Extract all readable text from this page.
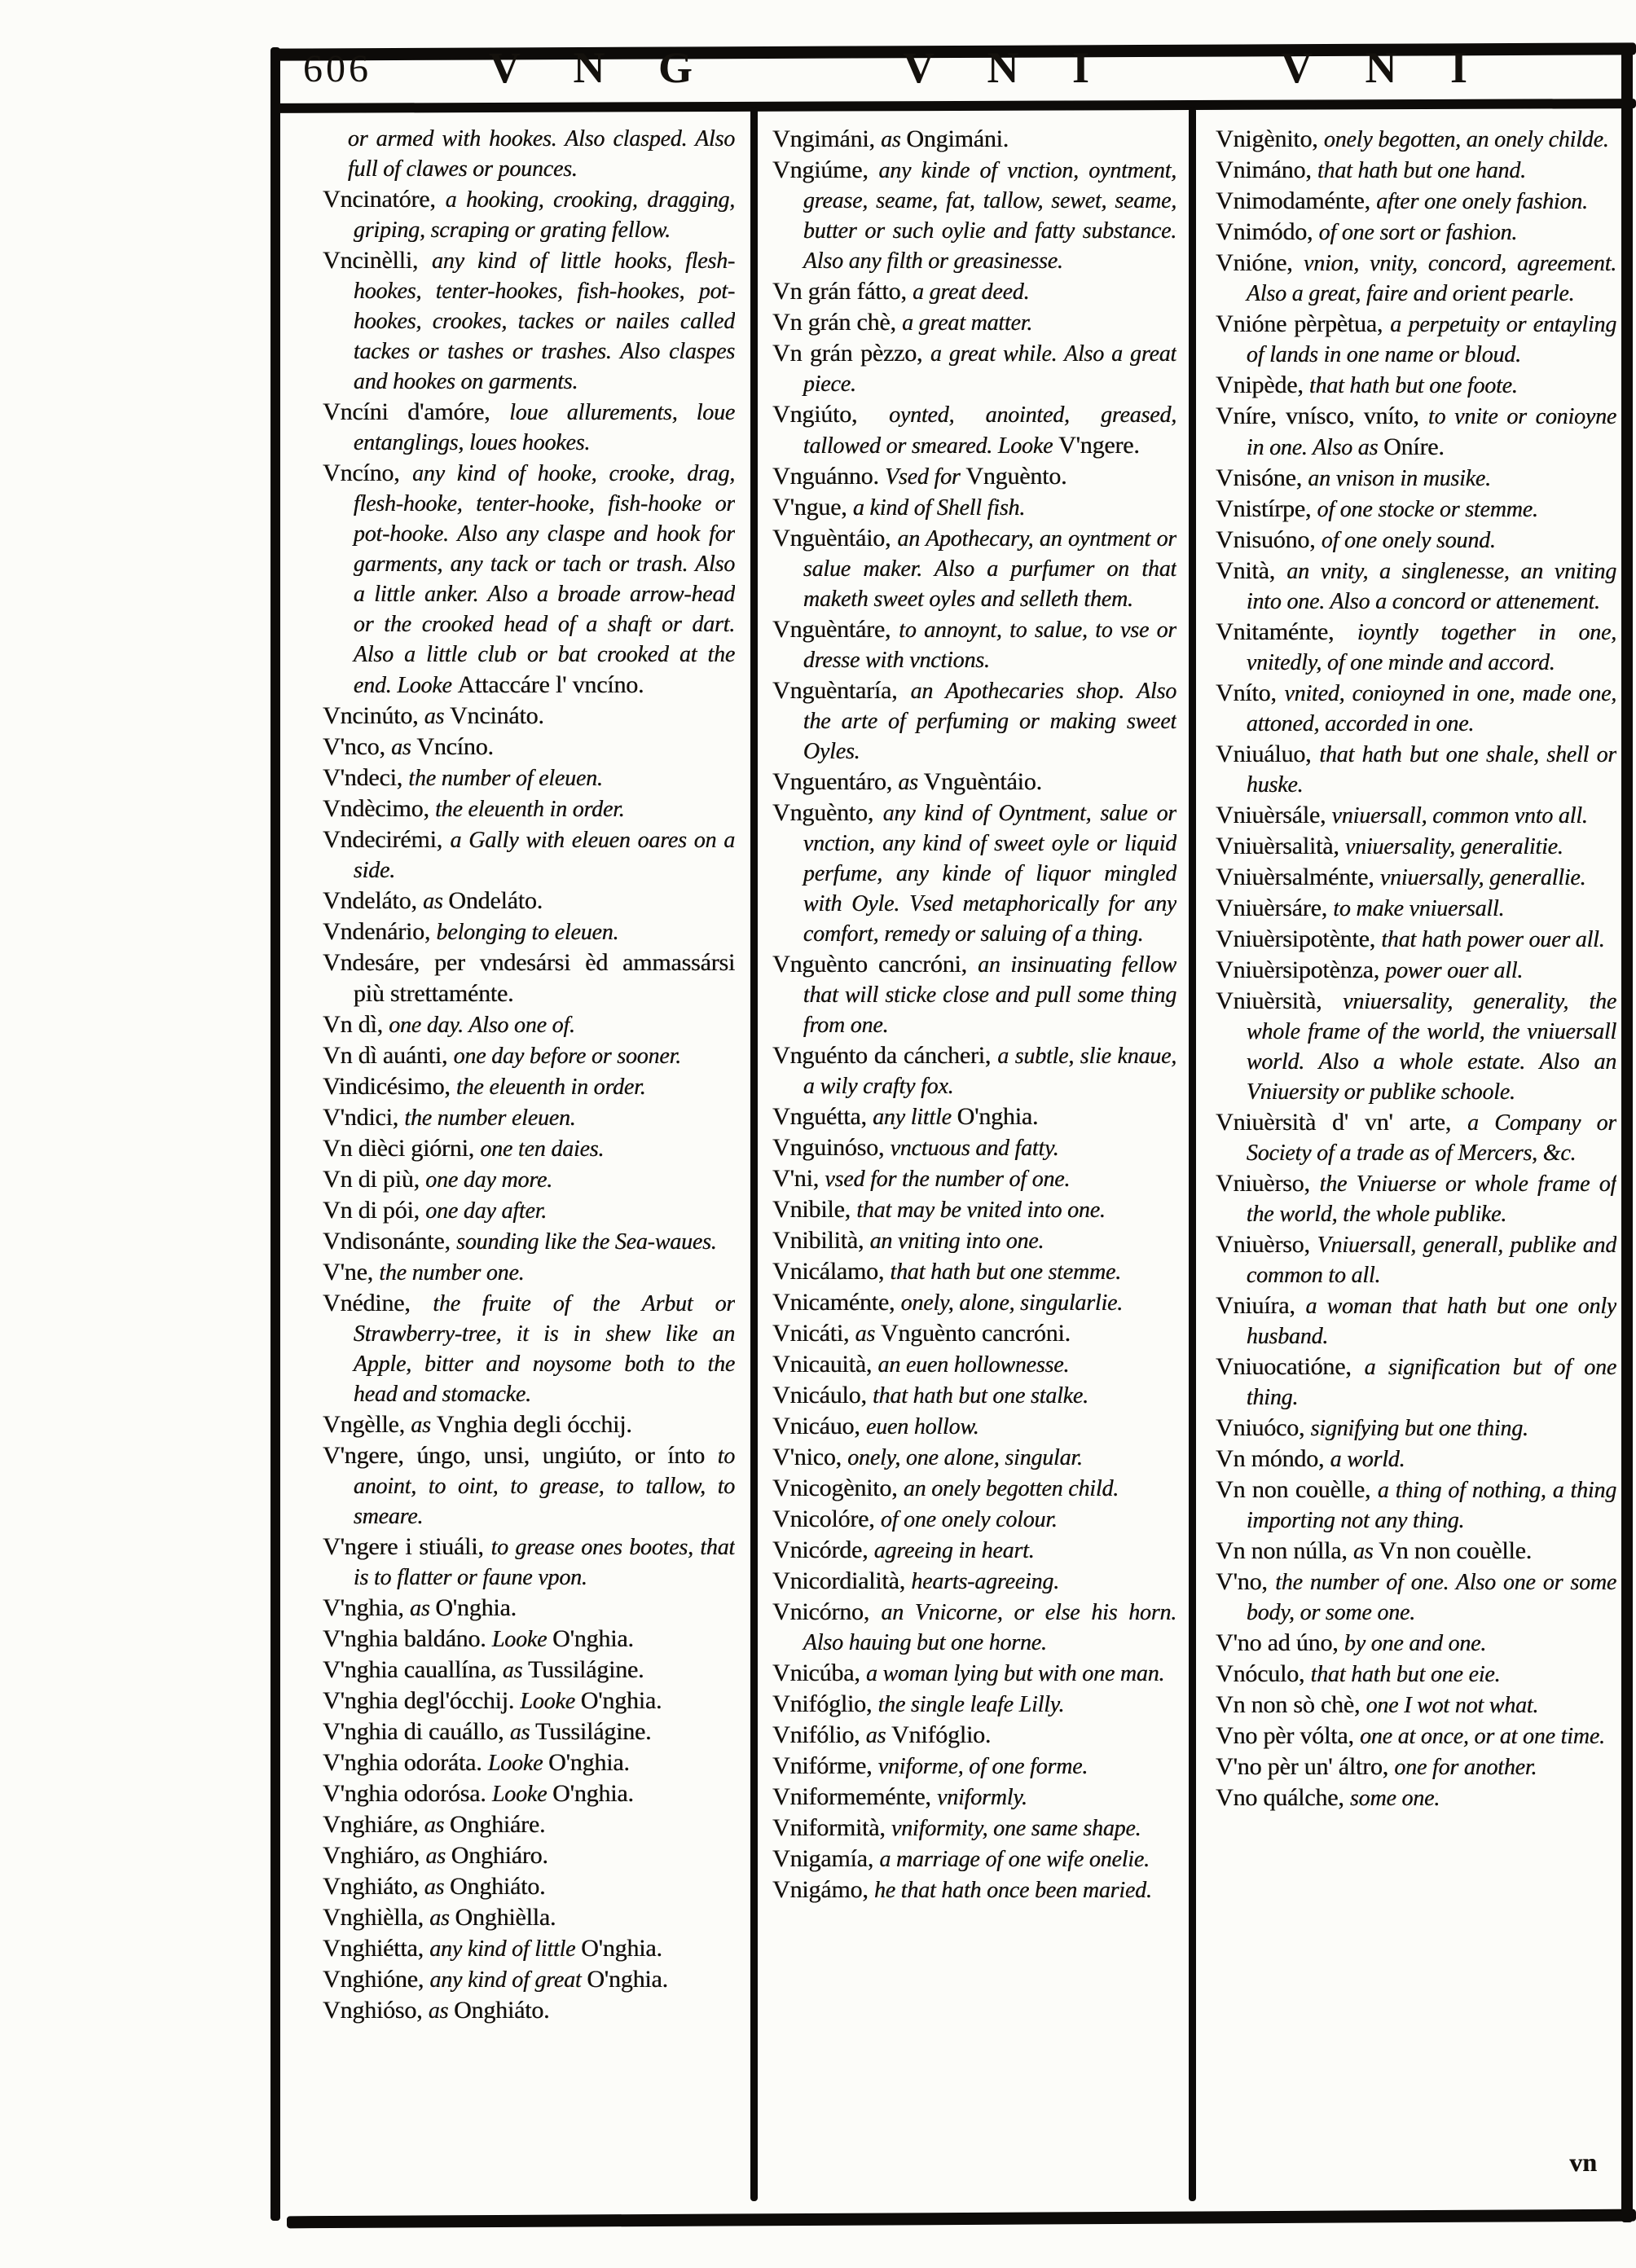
606	V N G	V N I	V N I

or armed with hookes. Also clasped. Also full of clawes or pounces.

Vncinatóre, a hooking, crooking, dragging, griping, scraping or grating fellow.

Vncinèlli, any kind of little hooks, flesh-hookes, tenter-hookes, fish-hookes, pot-hookes, crookes, tackes or nailes called tackes or tashes or trashes. Also claspes and hookes on garments.

Vncíni d'amóre, loue allurements, loue entanglings, loues hookes.

Vncíno, any kind of hooke, crooke, drag, flesh-hooke, tenter-hooke, fish-hooke or pot-hooke. Also any claspe and hook for garments, any tack or tach or trash. Also a little anker. Also a broade arrow-head or the crooked head of a shaft or dart. Also a little club or bat crooked at the end. Looke Attaccáre l' vncíno.

Vncinúto, as Vncináto.

V'nco, as Vncíno.

V'ndeci, the number of eleuen.

Vndècimo, the eleuenth in order.

Vndecirémi, a Gally with eleuen oares on a side.

Vndeláto, as Ondeláto.

Vndenário, belonging to eleuen.

Vndesáre, per vndesársi èd ammassársi più strettaménte.

Vn dì, one day. Also one of.

Vn dì auánti, one day before or sooner.

Vindicésimo, the eleuenth in order.

V'ndici, the number eleuen.

Vn dièci giórni, one ten daies.

Vn di più, one day more.

Vn di pói, one day after.

Vndisonánte, sounding like the Sea-waues.

V'ne, the number one.

Vnédine, the fruite of the Arbut or Strawberry-tree, it is in shew like an Apple, bitter and noysome both to the head and stomacke.

Vngèlle, as Vnghia degli ócchij.

V'ngere, úngo, unsi, ungiúto, or ínto to anoint, to oint, to grease, to tallow, to smeare.

V'ngere i stiuáli, to grease ones bootes, that is to flatter or faune vpon.

V'nghia, as O'nghia.

V'nghia baldáno. Looke O'nghia.

V'nghia cauallína, as Tussilágine.

V'nghia degl'ócchij. Looke O'nghia.

V'nghia di cauállo, as Tussilágine.

V'nghia odoráta. Looke O'nghia.

V'nghia odorósa. Looke O'nghia.

Vnghiáre, as Onghiáre.

Vnghiáro, as Onghiáro.

Vnghiáto, as Onghiáto.

Vnghièlla, as Onghièlla.

Vnghiétta, any kind of little O'nghia.

Vnghióne, any kind of great O'nghia.

Vnghióso, as Onghiáto.

Vngimáni, as Ongimáni.

Vngiúme, any kinde of vnction, oyntment, grease, seame, fat, tallow, sewet, seame, butter or such oylie and fatty substance. Also any filth or greasinesse.

Vn grán fátto, a great deed.

Vn grán chè, a great matter.

Vn grán pèzzo, a great while. Also a great piece.

Vngiúto, oynted, anointed, greased, tallowed or smeared. Looke V'ngere.

Vnguánno. Vsed for Vnguènto.

V'ngue, a kind of Shell fish.

Vnguèntáio, an Apothecary, an oyntment or salue maker. Also a purfumer on that maketh sweet oyles and selleth them.

Vnguèntáre, to annoynt, to salue, to vse or dresse with vnctions.

Vnguèntaría, an Apothecaries shop. Also the arte of perfuming or making sweet Oyles.

Vnguentáro, as Vnguèntáio.

Vnguènto, any kind of Oyntment, salue or vnction, any kind of sweet oyle or liquid perfume, any kinde of liquor mingled with Oyle. Vsed metaphorically for any comfort, remedy or saluing of a thing.

Vnguènto cancróni, an insinuating fellow that will sticke close and pull some thing from one.

Vnguénto da cáncheri, a subtle, slie knaue, a wily crafty fox.

Vnguétta, any little O'nghia.

Vnguinóso, vnctuous and fatty.

V'ni, vsed for the number of one.

Vnibile, that may be vnited into one.

Vnibilità, an vniting into one.

Vnicálamo, that hath but one stemme.

Vnicaménte, onely, alone, singularlie.

Vnicáti, as Vnguènto cancróni.

Vnicauità, an euen hollownesse.

Vnicáulo, that hath but one stalke.

Vnicáuo, euen hollow.

V'nico, onely, one alone, singular.

Vnicogènito, an onely begotten child.

Vnicolóre, of one onely colour.

Vnicórde, agreeing in heart.

Vnicordialità, hearts-agreeing.

Vnicórno, an Vnicorne, or else his horn. Also hauing but one horne.

Vnicúba, a woman lying but with one man.

Vnifóglio, the single leafe Lilly.

Vnifólio, as Vnifóglio.

Vnifórme, vniforme, of one forme.

Vniformeménte, vniformly.

Vniformità, vniformity, one same shape.

Vnigamía, a marriage of one wife onelie.

Vnigámo, he that hath once been maried.

Vnigènito, onely begotten, an onely childe.

Vnimáno, that hath but one hand.

Vnimodaménte, after one onely fashion.

Vnimódo, of one sort or fashion.

Vnióne, vnion, vnity, concord, agreement. Also a great, faire and orient pearle.

Vnióne pèrpètua, a perpetuity or entayling of lands in one name or bloud.

Vnipède, that hath but one foote.

Vníre, vnísco, vníto, to vnite or conioyne in one. Also as Oníre.

Vnisóne, an vnison in musike.

Vnistírpe, of one stocke or stemme.

Vnisuóno, of one onely sound.

Vnità, an vnity, a singlenesse, an vniting into one. Also a concord or attenement.

Vnitaménte, ioyntly together in one, vnitedly, of one minde and accord.

Vníto, vnited, conioyned in one, made one, attoned, accorded in one.

Vniuáluo, that hath but one shale, shell or huske.

Vniuèrsále, vniuersall, common vnto all.

Vniuèrsalità, vniuersality, generalitie.

Vniuèrsalménte, vniuersally, generallie.

Vniuèrsáre, to make vniuersall.

Vniuèrsipotènte, that hath power ouer all.

Vniuèrsipotènza, power ouer all.

Vniuèrsità, vniuersality, generality, the whole frame of the world, the vniuersall world. Also a whole estate. Also an Vniuersity or publike schoole.

Vniuèrsità d' vn' arte, a Company or Society of a trade as of Mercers, &c.

Vniuèrso, the Vniuerse or whole frame of the world, the whole publike.

Vniuèrso, Vniuersall, generall, publike and common to all.

Vniuíra, a woman that hath but one only husband.

Vniuocatióne, a signification but of one thing.

Vniuóco, signifying but one thing.

Vn móndo, a world.

Vn non couèlle, a thing of nothing, a thing importing not any thing.

Vn non núlla, as Vn non couèlle.

V'no, the number of one. Also one or some body, or some one.

V'no ad úno, by one and one.

Vnóculo, that hath but one eie.

Vn non sò chè, one I wot not what.

Vno pèr vólta, one at once, or at one time.

V'no pèr un' áltro, one for another.

Vno quálche, some one.

vn
